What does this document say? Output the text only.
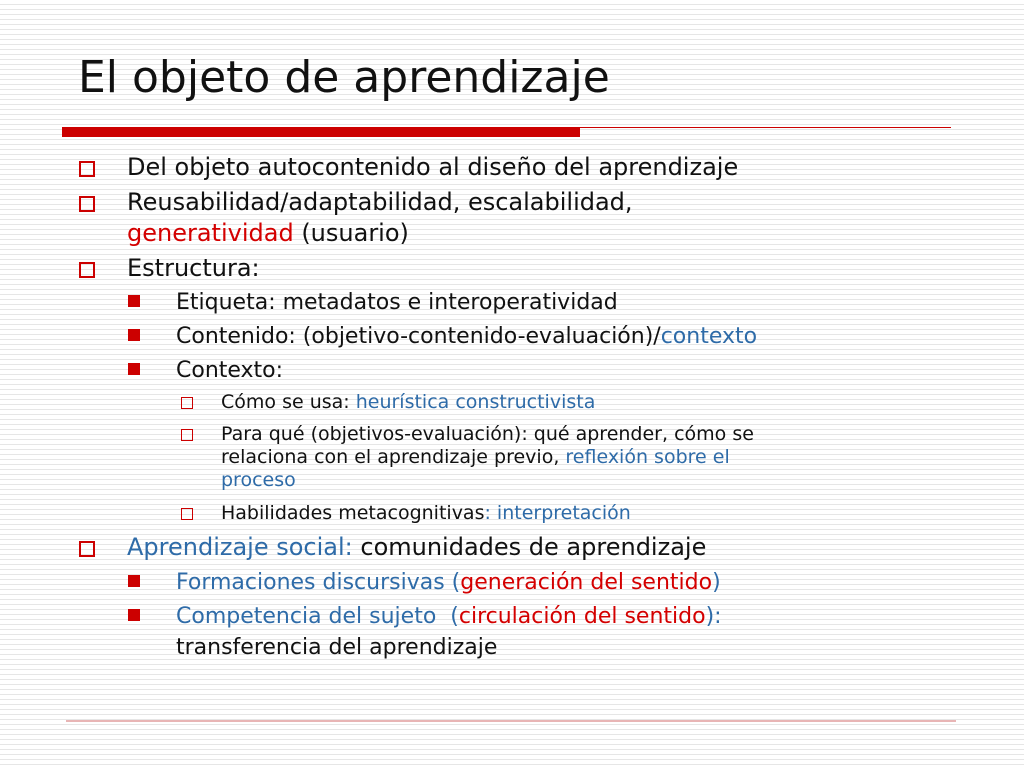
El objeto de aprendizaje
Del objeto autocontenido al diseño del aprendizaje
Reusabilidad/adaptabilidad, escalabilidad,
generatividad (usuario)
Estructura:
Etiqueta: metadatos e interoperatividad
Contenido: (objetivo-contenido-evaluación)/contexto
Contexto:
Cómo se usa: heurística constructivista
Para qué (objetivos-evaluación): qué aprender, cómo se
relaciona con el aprendizaje previo, reflexión sobre el
proceso
Habilidades metacognitivas: interpretación
Aprendizaje social: comunidades de aprendizaje
Formaciones discursivas (generación del sentido)
Competencia del sujeto  (circulación del sentido):
transferencia del aprendizaje
